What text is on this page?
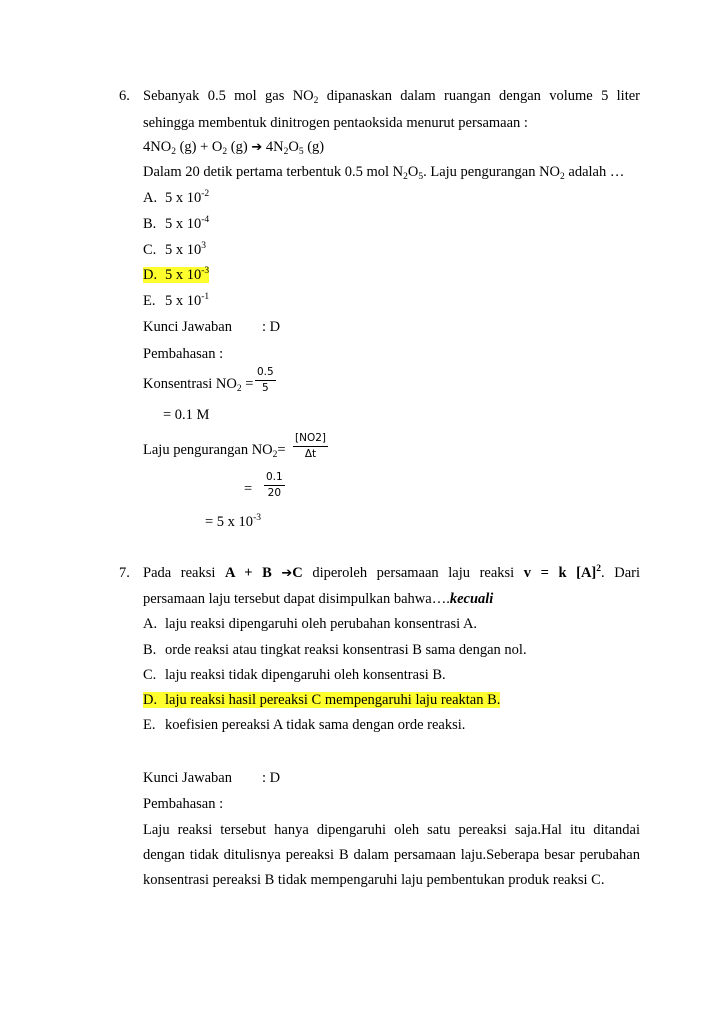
6. Sebanyak 0.5 mol gas $NO_2$ dipanaskan dalam ruangan dengan volume 5 liter
sehingga membentuk dinitrogen pentaoksida menurut persamaan :
$4NO_2$ $(g) + O_2$ (g) ➔ $4N_2O_5$ (g)
Dalam 20 detik pertama terbentuk 0.5 mol $N_2O_5$. Laju pengurangan $NO_2$ adalah …
A. 5 x $10^{-2}$
B. 5 x $10^{-4}$
C. 5 x $10^3$
D. 5 x $10^{-3}$
E. 5 x $10^{-1}$
Kunci Jawaban : D
Pembahasan :
Konsentrasi $NO_2 = \frac{0.5}{5}$
= 0.1 M
Laju pengurangan $NO_2= \frac{[NO2]}{\Delta t}$
= $\frac{0.1}{20}$
= 5 x $10^{-3}$
7. Pada reaksi A + B ➔C diperoleh persamaan laju reaksi v = k $[A]^2$. Dari
persamaan laju tersebut dapat disimpulkan bahwa….kecuali
A. laju reaksi dipengaruhi oleh perubahan konsentrasi A.
B. orde reaksi atau tingkat reaksi konsentrasi B sama dengan nol.
C. laju reaksi tidak dipengaruhi oleh konsentrasi B.
D. laju reaksi hasil pereaksi C mempengaruhi laju reaktan B.
E. koefisien pereaksi A tidak sama dengan orde reaksi.
Kunci Jawaban : D
Pembahasan :
Laju reaksi tersebut hanya dipengaruhi oleh satu pereaksi saja.Hal itu ditandai
dengan tidak ditulisnya pereaksi B dalam persamaan laju.Seberapa besar perubahan
konsentrasi pereaksi B tidak mempengaruhi laju pembentukan produk reaksi C.
